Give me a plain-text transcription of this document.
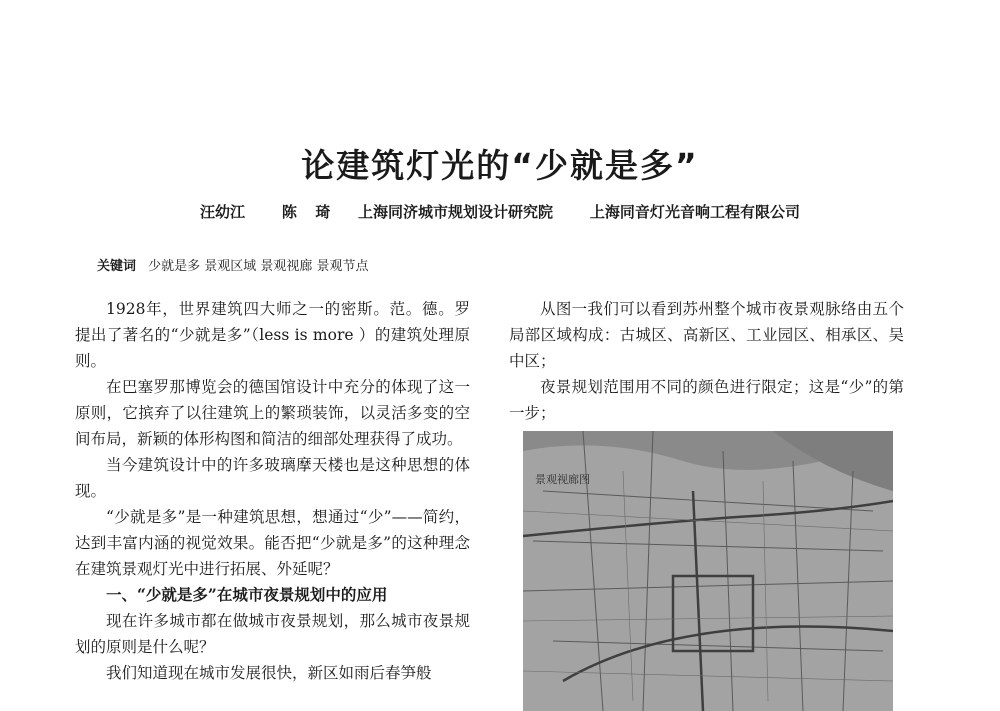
论建筑灯光的“少就是多”
汪幼江    陈  琦   上海同济城市规划设计研究院    上海同音灯光音响工程有限公司
关键词 少就是多 景观区域 景观视廊 景观节点

1928年，世界建筑四大师之一的密斯。范。德。罗提出了著名的“少就是多”（less is more ）的建筑处理原则。

在巴塞罗那博览会的德国馆设计中充分的体现了这一原则，它摈弃了以往建筑上的繁琐装饰，以灵活多变的空间布局，新颖的体形构图和简洁的细部处理获得了成功。

当今建筑设计中的许多玻璃摩天楼也是这种思想的体现。

“少就是多”是一种建筑思想，想通过“少”——简约，达到丰富内涵的视觉效果。能否把“少就是多”的这种理念在建筑景观灯光中进行拓展、外延呢？

一、“少就是多”在城市夜景规划中的应用

现在许多城市都在做城市夜景规划，那么城市夜景规划的原则是什么呢？

我们知道现在城市发展很快，新区如雨后春笋般

从图一我们可以看到苏州整个城市夜景观脉络由五个局部区域构成：古城区、高新区、工业园区、相承区、吴中区；

夜景规划范围用不同的颜色进行限定；这是“少”的第一步；

景观视廊图
